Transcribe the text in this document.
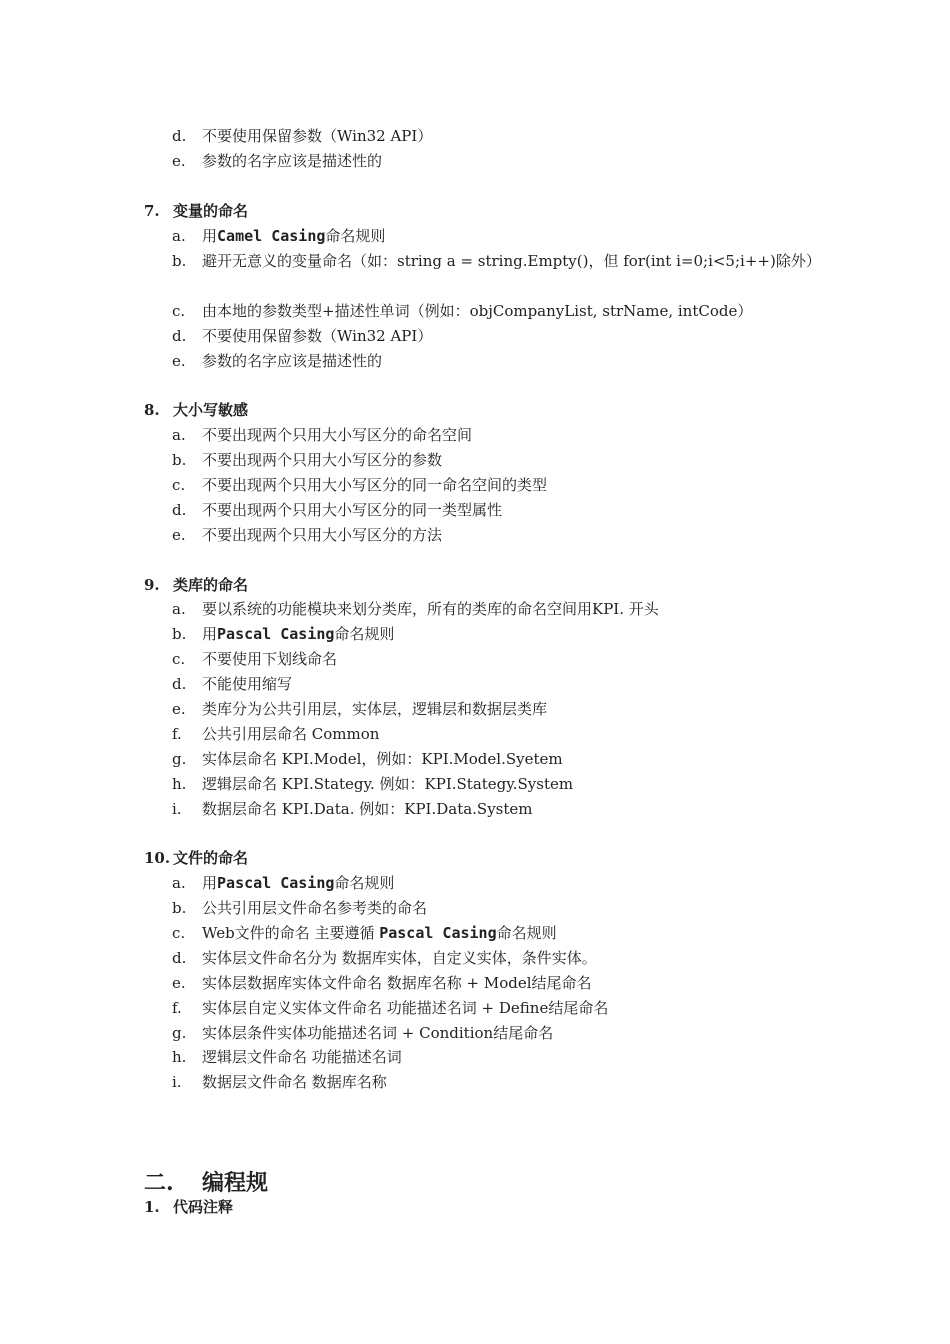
d. 不要使用保留参数（Win32 API）
e. 参数的名字应该是描述性的
7. 变量的命名
a. 用Camel Casing命名规则
b. 避开无意义的变量命名（如：string a = string.Empty()，但 for(int i=0;i<5;i++)除外）
c. 由本地的参数类型+描述性单词（例如：objCompanyList, strName, intCode）
d. 不要使用保留参数（Win32 API）
e. 参数的名字应该是描述性的
8. 大小写敏感
a. 不要出现两个只用大小写区分的命名空间
b. 不要出现两个只用大小写区分的参数
c. 不要出现两个只用大小写区分的同一命名空间的类型
d. 不要出现两个只用大小写区分的同一类型属性
e. 不要出现两个只用大小写区分的方法
9. 类库的命名
a. 要以系统的功能模块来划分类库，所有的类库的命名空间用KPI. 开头
b. 用Pascal Casing命名规则
c. 不要使用下划线命名
d. 不能使用缩写
e. 类库分为公共引用层，实体层，逻辑层和数据层类库
f. 公共引用层命名 Common
g. 实体层命名 KPI.Model，例如：KPI.Model.Syetem
h. 逻辑层命名 KPI.Stategy. 例如：KPI.Stategy.System
i. 数据层命名 KPI.Data. 例如：KPI.Data.System
10. 文件的命名
a. 用Pascal Casing命名规则
b. 公共引用层文件命名参考类的命名
c. Web文件的命名 主要遵循 Pascal Casing命名规则
d. 实体层文件命名分为 数据库实体，自定义实体，条件实体。
e. 实体层数据库实体文件命名 数据库名称 + Model结尾命名
f. 实体层自定义实体文件命名 功能描述名词 + Define结尾命名
g. 实体层条件实体功能描述名词 + Condition结尾命名
h. 逻辑层文件命名 功能描述名词
i. 数据层文件命名 数据库名称
二. 编程规
1. 代码注释
